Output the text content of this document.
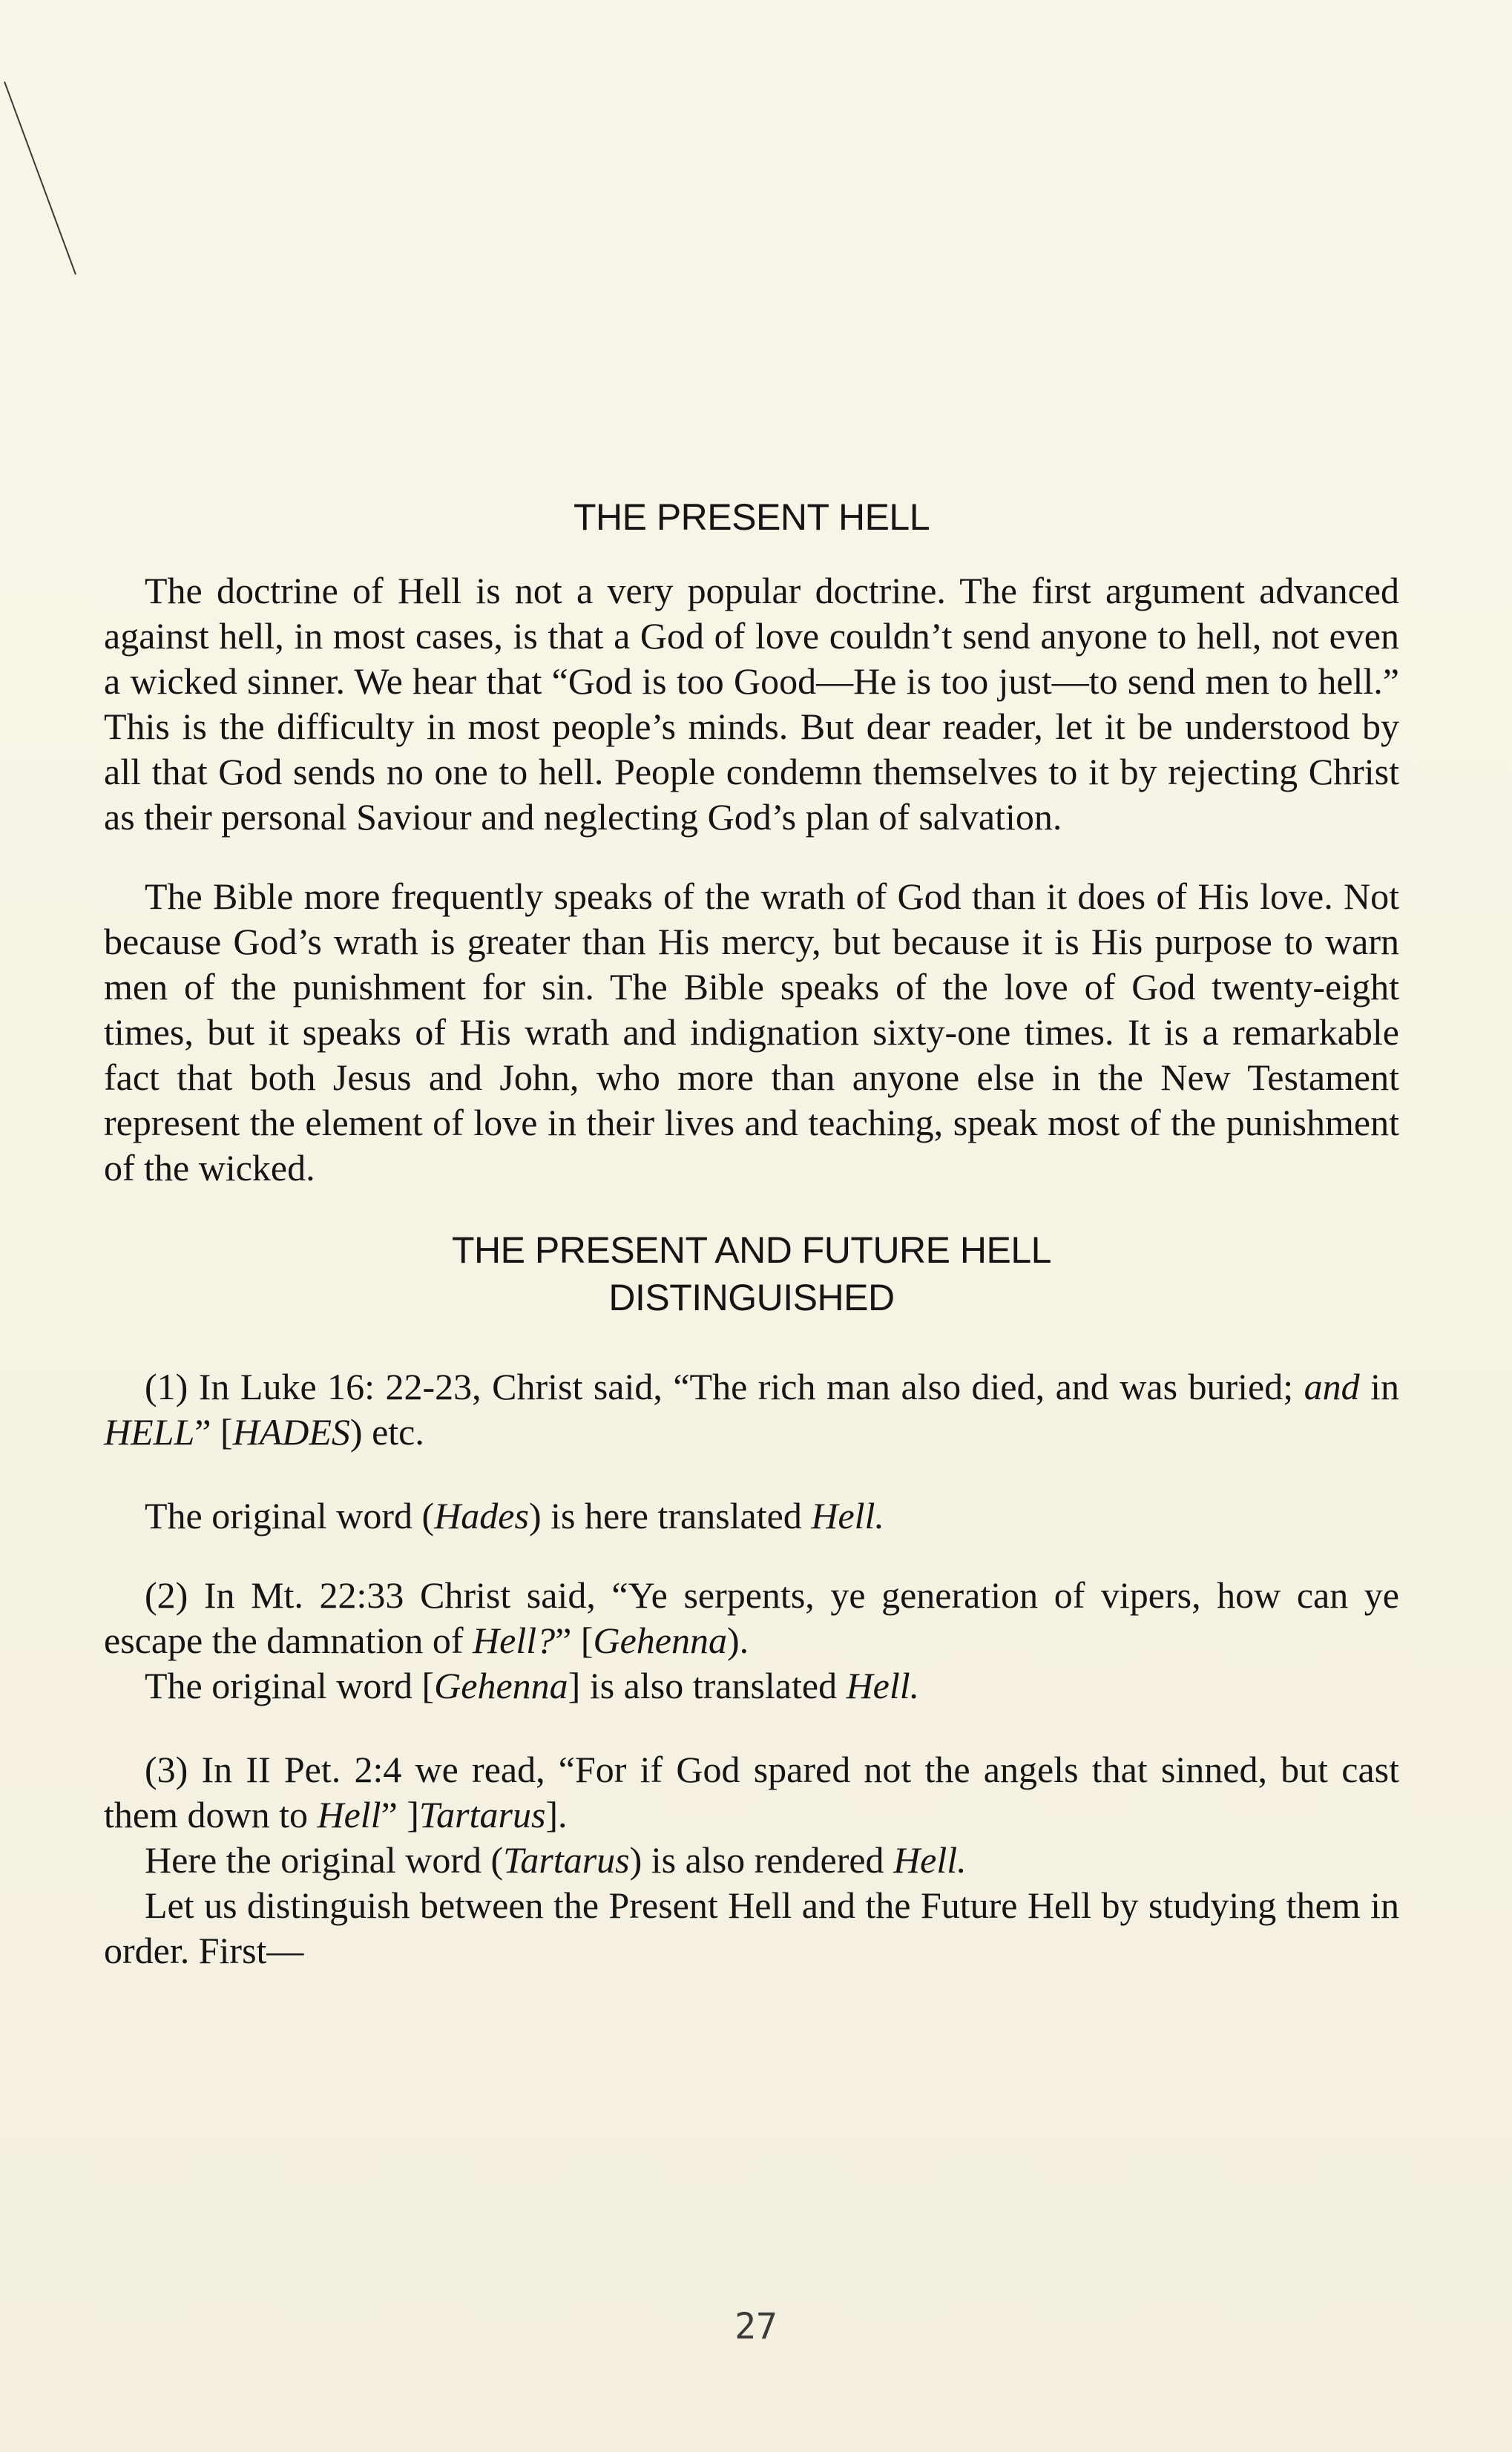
THE PRESENT HELL

The doctrine of Hell is not a very popular doctrine. The first argument advanced against hell, in most cases, is that a God of love couldn’t send anyone to hell, not even a wicked sinner. We hear that “God is too Good—He is too just—to send men to hell.” This is the difficulty in most people’s minds. But dear reader, let it be understood by all that God sends no one to hell. People condemn themselves to it by rejecting Christ as their personal Saviour and neglecting God’s plan of salvation.

The Bible more frequently speaks of the wrath of God than it does of His love. Not because God’s wrath is greater than His mercy, but because it is His purpose to warn men of the punishment for sin. The Bible speaks of the love of God twenty-eight times, but it speaks of His wrath and indignation sixty-one times. It is a remarkable fact that both Jesus and John, who more than anyone else in the New Testament represent the element of love in their lives and teaching, speak most of the punishment of the wicked.

THE PRESENT AND FUTURE HELL
DISTINGUISHED

(1) In Luke 16: 22-23, Christ said, “The rich man also died, and was buried; and in HELL” [HADES) etc.

The original word (Hades) is here translated Hell.

(2) In Mt. 22:33 Christ said, “Ye serpents, ye generation of vipers, how can ye escape the damnation of Hell?” [Gehenna).

The original word [Gehenna] is also translated Hell.

(3) In II Pet. 2:4 we read, “For if God spared not the angels that sinned, but cast them down to Hell” ]Tartarus].

Here the original word (Tartarus) is also rendered Hell.

Let us distinguish between the Present Hell and the Future Hell by studying them in order. First—

27
